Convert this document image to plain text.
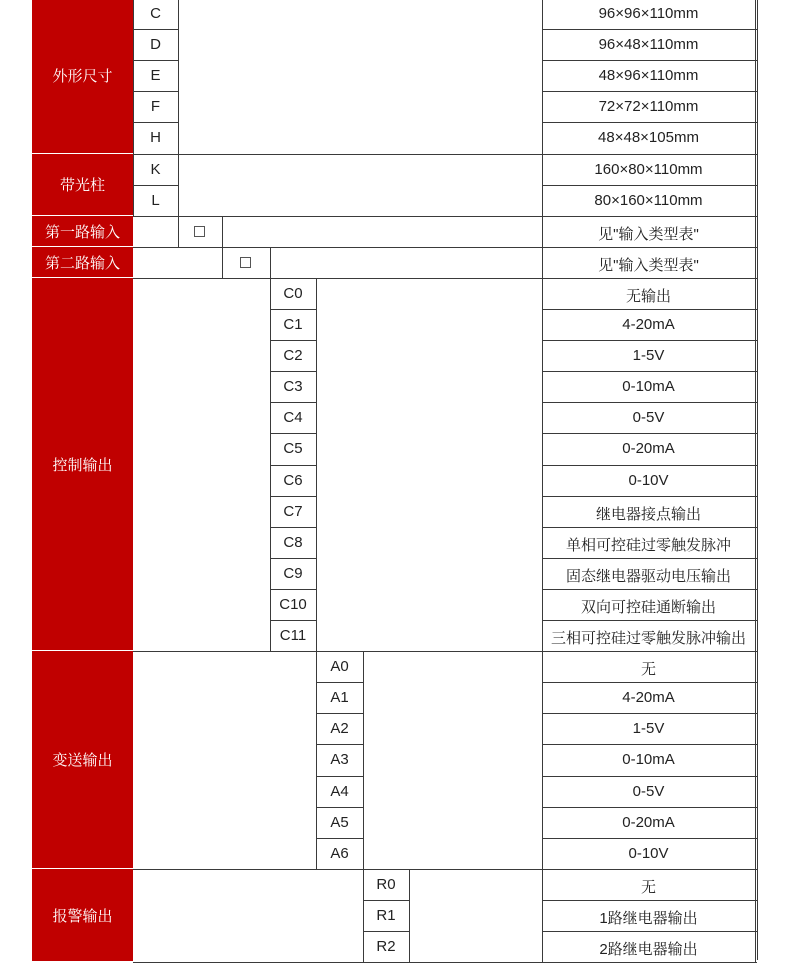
外形尺寸
C	96×96×110mm
D	96×48×110mm
E	48×96×110mm
F	72×72×110mm
H	48×48×105mm
带光柱
K	160×80×110mm
L	80×160×110mm
第一路输入	见"输入类型表"
第二路输入	见"输入类型表"
控制输出
C0	无输出
C1	4-20mA
C2	1-5V
C3	0-10mA
C4	0-5V
C5	0-20mA
C6	0-10V
C7	继电器接点输出
C8	单相可控硅过零触发脉冲
C9	固态继电器驱动电压输出
C10	双向可控硅通断输出
C11	三相可控硅过零触发脉冲输出
变送输出
A0	无
A1	4-20mA
A2	1-5V
A3	0-10mA
A4	0-5V
A5	0-20mA
A6	0-10V
报警输出
R0	无
R1	1路继电器输出
R2	2路继电器输出
